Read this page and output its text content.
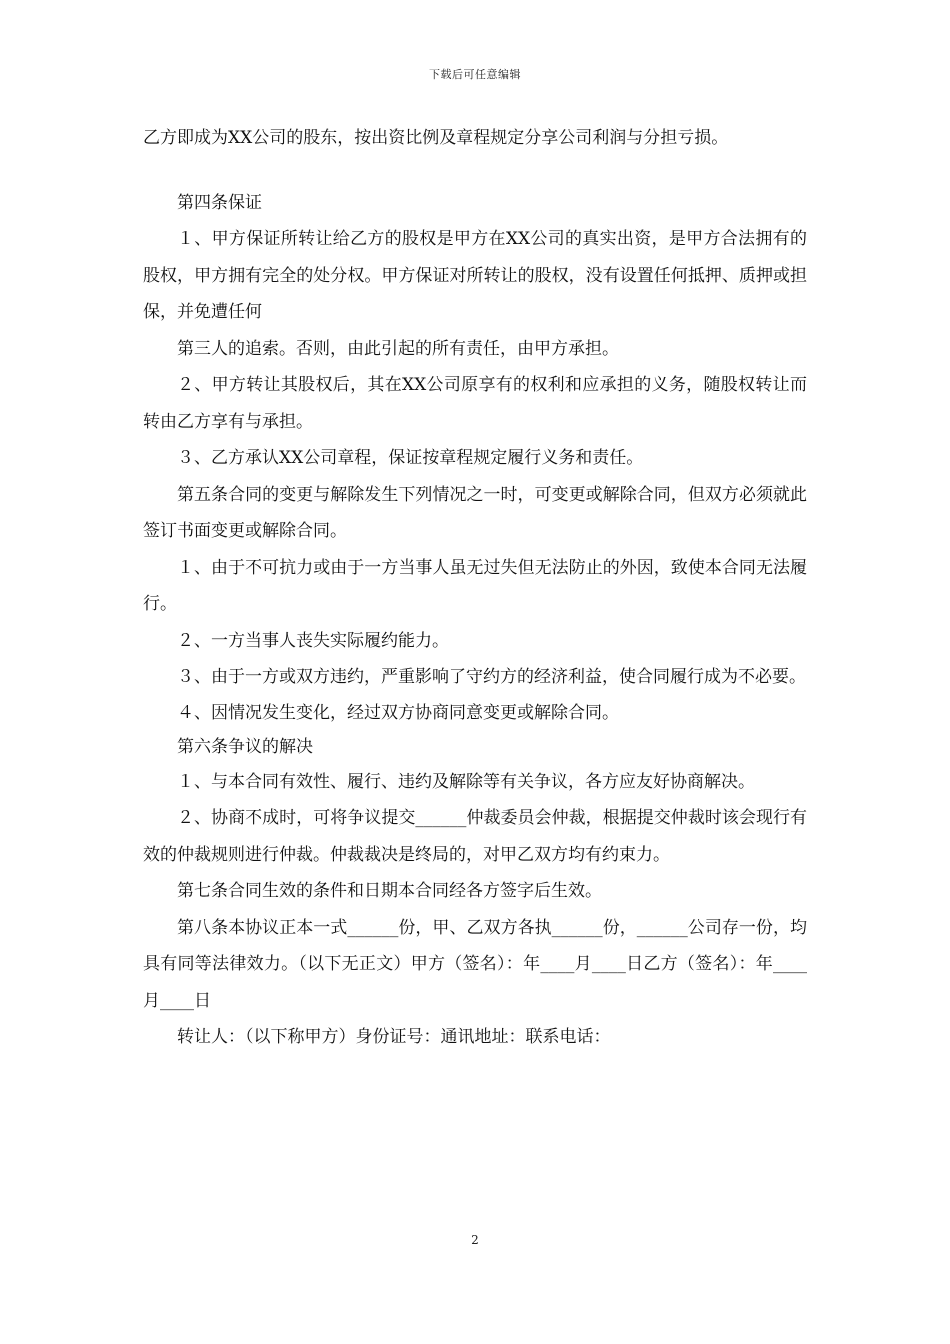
下载后可任意编辑

乙方即成为XX公司的股东，按出资比例及章程规定分享公司利润与分担亏损。

第四条保证

１、甲方保证所转让给乙方的股权是甲方在XX公司的真实出资，是甲方合法拥有的股权，甲方拥有完全的处分权。甲方保证对所转让的股权，没有设置任何抵押、质押或担保，并免遭任何

第三人的追索。否则，由此引起的所有责任，由甲方承担。

２、甲方转让其股权后，其在XX公司原享有的权利和应承担的义务，随股权转让而转由乙方享有与承担。

３、乙方承认XX公司章程，保证按章程规定履行义务和责任。

第五条合同的变更与解除发生下列情况之一时，可变更或解除合同，但双方必须就此签订书面变更或解除合同。

１、由于不可抗力或由于一方当事人虽无过失但无法防止的外因，致使本合同无法履行。

２、一方当事人丧失实际履约能力。

３、由于一方或双方违约，严重影响了守约方的经济利益，使合同履行成为不必要。

４、因情况发生变化，经过双方协商同意变更或解除合同。

第六条争议的解决

１、与本合同有效性、履行、违约及解除等有关争议，各方应友好协商解决。

２、协商不成时，可将争议提交______仲裁委员会仲裁，根据提交仲裁时该会现行有效的仲裁规则进行仲裁。仲裁裁决是终局的，对甲乙双方均有约束力。

第七条合同生效的条件和日期本合同经各方签字后生效。

第八条本协议正本一式______份，甲、乙双方各执______份，______公司存一份，均具有同等法律效力。（以下无正文）甲方（签名）：年____月____日乙方（签名）：年____月____日

转让人：（以下称甲方）身份证号：通讯地址：联系电话：

2
